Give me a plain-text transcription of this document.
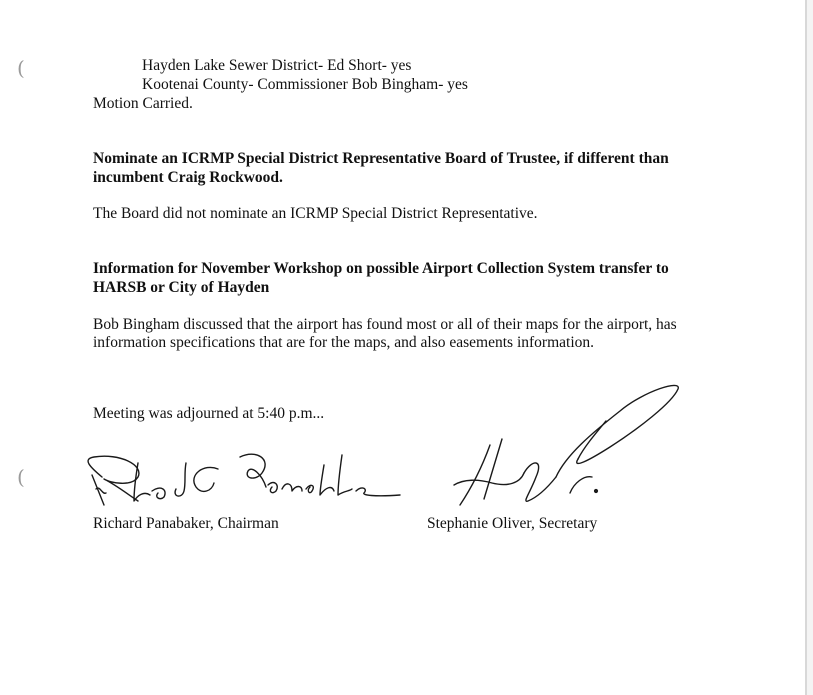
(
(
Hayden Lake Sewer District- Ed Short- yes
Kootenai County- Commissioner Bob Bingham- yes
Motion Carried.
Nominate an ICRMP Special District Representative Board of Trustee, if different than
incumbent Craig Rockwood.
The Board did not nominate an ICRMP Special District Representative.
Information for November Workshop on possible Airport Collection System transfer to
HARSB or City of Hayden
Bob Bingham discussed that the airport has found most or all of their maps for the airport, has
information specifications that are for the maps, and also easements information.
Meeting was adjourned at 5:40 p.m...
Richard Panabaker, Chairman	Stephanie Oliver, Secretary
